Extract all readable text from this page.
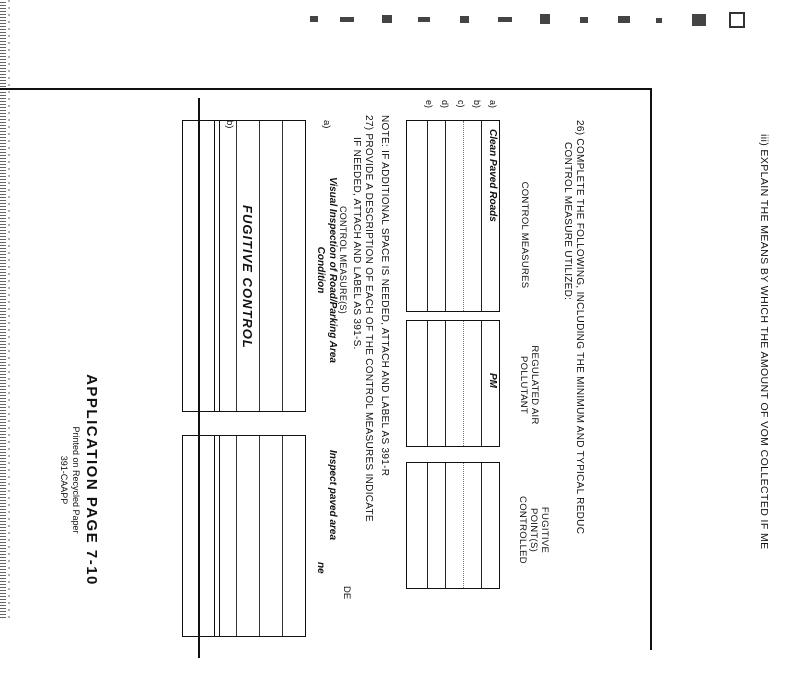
iii) EXPLAIN THE MEANS BY WHICH THE AMOUNT OF VOM COLLECTED IF ME
FUGITIVE CONTROL	26) COMPLETE THE FOLLOWING, INCLUDING THE MINIMUM AND TYPICAL REDUC
CONTROL MEASURE UTILIZED:
CONTROL MEASURES
REGULATED AIR
POLLUTANT
FUGITIVE
POINT(S)
CONTROLLED
a)
b)
c)
d)
e)
Clean Paved Roads
PM
NOTE: IF ADDITIONAL SPACE IS NEEDED, ATTACH AND LABEL AS 391-R
27) PROVIDE A DESCRIPTION OF EACH OF THE CONTROL MEASURES INDICATE
IF NEEDED, ATTACH AND LABEL AS 391-S.
CONTROL MEASURE(S)
a)
Visual Inspection of Road/Parking Area
Condition
Inspect paved area
ne
DE
b)
APPLICATION PAGE 7-10
Printed on Recycled Paper
391-CAAPP
